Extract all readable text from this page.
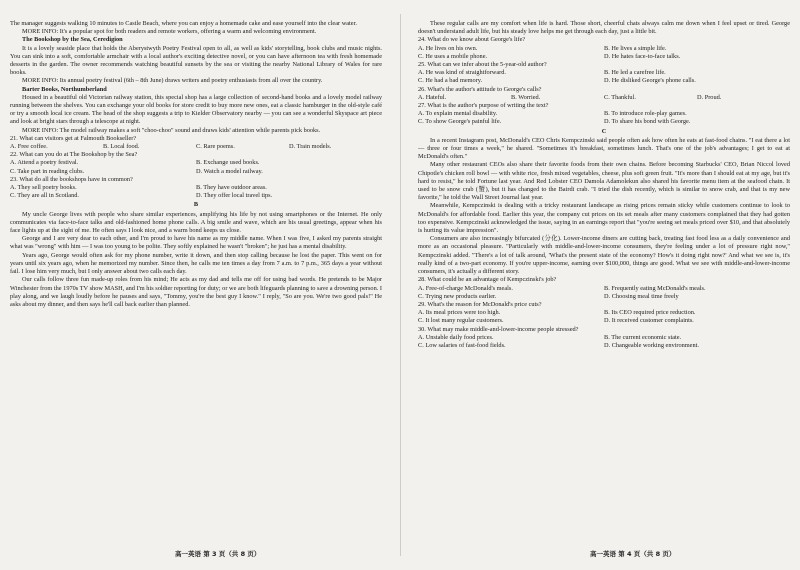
The manager suggests walking 10 minutes to Castle Beach, where you can enjoy a homemade cake and ease yourself into the clear water.

MORE INFO: It's a popular spot for both readers and remote workers, offering a warm and welcoming environment.

The Bookshop by the Sea, Ceredigion

It is a lovely seaside place that holds the Aberystwyth Poetry Festival open to all, as well as kids' storytelling, book clubs and music nights. You can sink into a soft, comfortable armchair with a local author's exciting detective novel, or you can have afternoon tea with fresh homemade desserts in the garden. The owner recommends watching beautiful sunsets by the sea or visiting the nearby National Library of Wales for rare books.

MORE INFO: Its annual poetry festival (6th – 8th June) draws writers and poetry enthusiasts from all over the country.

Barter Books, Northumberland

Housed in a beautiful old Victorian railway station, this special shop has a large collection of second-hand books and a lovely model railway running between the shelves. You can exchange your old books for store credit to buy more new ones, eat a classic hamburger in the old-style café or try a smooth local ice cream. The head of the shop suggests a trip to Kielder Observatory nearby — you can see a wonderful Skyspace art piece and look at bright stars through a telescope at night.

MORE INFO: The model railway makes a soft "choo-choo" sound and draws kids' attention while parents pick books.

21. What can visitors get at Falmouth Bookseller?

A. Free coffee.	B. Local food.	C. Rare poems.	D. Train models.

22. What can you do at The Bookshop by the Sea?

A. Attend a poetry festival.	B. Exchange used books.
C. Take part in reading clubs.	D. Watch a model railway.

23. What do all the bookshops have in common?

A. They sell poetry books.	B. They have outdoor areas.
C. They are all in Scotland.	D. They offer local travel tips.

B

My uncle George lives with people who share similar experiences, amplifying his life by not using smartphones or the Internet. He only communicates via face-to-face talks and old-fashioned home phone calls. A big smile and wave, which are his usual greetings, appear when his face lights up at the sight of me. He often says I look nice, and a warm bond keeps us close.

George and I are very dear to each other, and I'm proud to have his name as my middle name. When I was five, I asked my parents straight what was "wrong" with him — I was too young to be polite. They softly explained he wasn't "broken"; he just has a mental disability.

Years ago, George would often ask for my phone number, write it down, and then stop calling because he lost the paper. This went on for years until six years ago, when he memorized my number. Since then, he calls me ten times a day from 7 a.m. to 7 p.m., 365 days a year without fail. I lose him very much, but I only answer about two calls each day.

Our calls follow three fun made-up roles from his mind; He acts as my dad and tells me off for using bad words. He pretends to be Major Winchester from the 1970s TV show MASH, and I'm his soldier reporting for duty; or we are both lifeguards planning to save a drowning person. I play along, and we laugh loudly before he pauses and says, "Tommy, you're the best guy I know." I reply, "So are you. We're two good pals!" He asks about my dinner, and then says he'll call back earlier than planned.

These regular calls are my comfort when life is hard. Those short, cheerful chats always calm me down when I feel upset or tired. George doesn't understand adult life, but his steady love helps me get through each day, just a little bit.

24. What do we know about George's life?

A. He lives on his own.	B. He lives a simple life.
C. He uses a mobile phone.	D. He hates face-to-face talks.

25. What can we infer about the 5-year-old author?

A. He was kind of straightforward.	B. He led a carefree life.
C. He had a bad memory.	D. He disliked George's phone calls.

26. What's the author's attitude to George's calls?

A. Hateful.	B. Worried.	C. Thankful.	D. Proud.

27. What is the author's purpose of writing the text?

A. To explain mental disability.	B. To introduce role-play games.
C. To show George's painful life.	D. To share his bond with George.

C

In a recent Instagram post, McDonald's CEO Chris Kempczinski said people often ask how often he eats at fast-food chains. "I eat there a lot — three or four times a week," he shared. "Sometimes it's breakfast, sometimes lunch. That's one of the job's advantages; I get to eat at McDonald's often."

Many other restaurant CEOs also share their favorite foods from their own chains. Before becoming Starbucks' CEO, Brian Niccol loved Chipotle's chicken roll bowl — with white rice, fresh mixed vegetables, cheese, plus soft green fruit. "It's more than I should eat at my age, but it's hard to resist," he told Fortune last year. And Red Lobster CEO Damola Adamolekun also shared his favorite menu item at the seafood chain. It used to be snow crab (蟹), but it has changed to the Bairdi crab. "I tried the dish recently, which is similar to snow crab, and that is my new favorite," he told the Wall Street Journal last year.

Meanwhile, Kempczinski is dealing with a tricky restaurant landscape as rising prices remain sticky while customers continue to look to McDonald's for affordable food. Earlier this year, the company cut prices on its set meals after many customers complained that they had gotten too expensive. Kempczinski acknowledged the issue, saying in an earnings report that "you're seeing set meals priced over $10, and that absolutely is hurting its value impression".

Consumers are also increasingly bifurcated (分化). Lower-income diners are cutting back, treating fast food less as a daily convenience and more as an occasional pleasure. "Particularly with middle-and-lower-income consumers, they're feeling under a lot of pressure right now," Kempczinski added. "There's a lot of talk around, 'What's the present state of the economy? How's it doing right now?' And what we see is, it's really kind of a two-part economy. If you're upper-income, earning over $100,000, things are good. What we see with middle-and-lower-income consumers, it's actually a different story.

28. What could be an advantage of Kempczinski's job?

A. Free-of-charge McDonald's meals.	B. Frequently eating McDonald's meals.
C. Trying new products earlier.	D. Choosing meal time freely

29. What's the reason for McDonald's price cuts?

A. Its meal prices were too high.	B. Its CEO required price reduction.
C. It lost many regular customers.	D. It received customer complaints.

30. What may make middle-and-lower-income people stressed?

A. Unstable daily food prices.	B. The current economic state.
C. Low salaries of fast-food fields.	D. Changeable working environment.
高一英语 第 3 页（共 8 页）	高一英语 第 4 页（共 8 页）
